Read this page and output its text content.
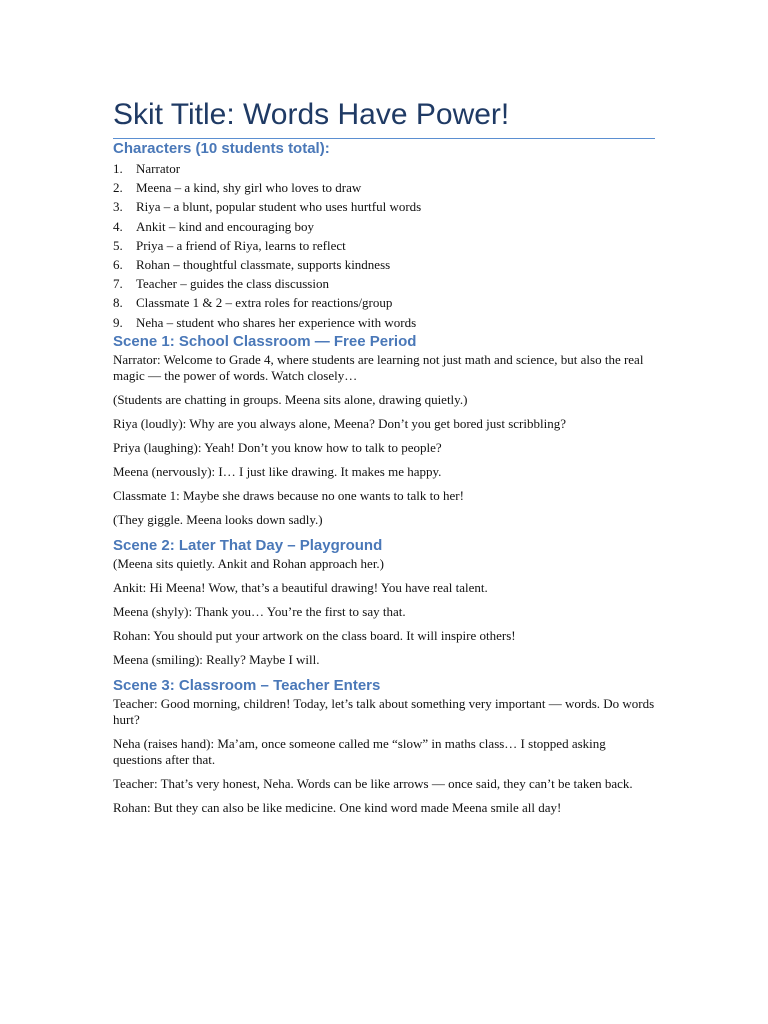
Skit Title: Words Have Power!
Characters (10 students total):
1.	Narrator
2.	Meena – a kind, shy girl who loves to draw
3.	Riya – a blunt, popular student who uses hurtful words
4.	Ankit – kind and encouraging boy
5.	Priya – a friend of Riya, learns to reflect
6.	Rohan – thoughtful classmate, supports kindness
7.	Teacher – guides the class discussion
8.	Classmate 1 & 2 – extra roles for reactions/group
9.	Neha – student who shares her experience with words
Scene 1: School Classroom — Free Period

Narrator: Welcome to Grade 4, where students are learning not just math and science, but also the real magic — the power of words. Watch closely…

(Students are chatting in groups. Meena sits alone, drawing quietly.)

Riya (loudly): Why are you always alone, Meena? Don’t you get bored just scribbling?

Priya (laughing): Yeah! Don’t you know how to talk to people?

Meena (nervously): I… I just like drawing. It makes me happy.

Classmate 1: Maybe she draws because no one wants to talk to her!

(They giggle. Meena looks down sadly.)

Scene 2: Later That Day – Playground

(Meena sits quietly. Ankit and Rohan approach her.)

Ankit: Hi Meena! Wow, that’s a beautiful drawing! You have real talent.

Meena (shyly): Thank you… You’re the first to say that.

Rohan: You should put your artwork on the class board. It will inspire others!

Meena (smiling): Really? Maybe I will.

Scene 3: Classroom – Teacher Enters

Teacher: Good morning, children! Today, let’s talk about something very important — words. Do words hurt?

Neha (raises hand): Ma’am, once someone called me “slow” in maths class… I stopped asking questions after that.

Teacher: That’s very honest, Neha. Words can be like arrows — once said, they can’t be taken back.

Rohan: But they can also be like medicine. One kind word made Meena smile all day!
